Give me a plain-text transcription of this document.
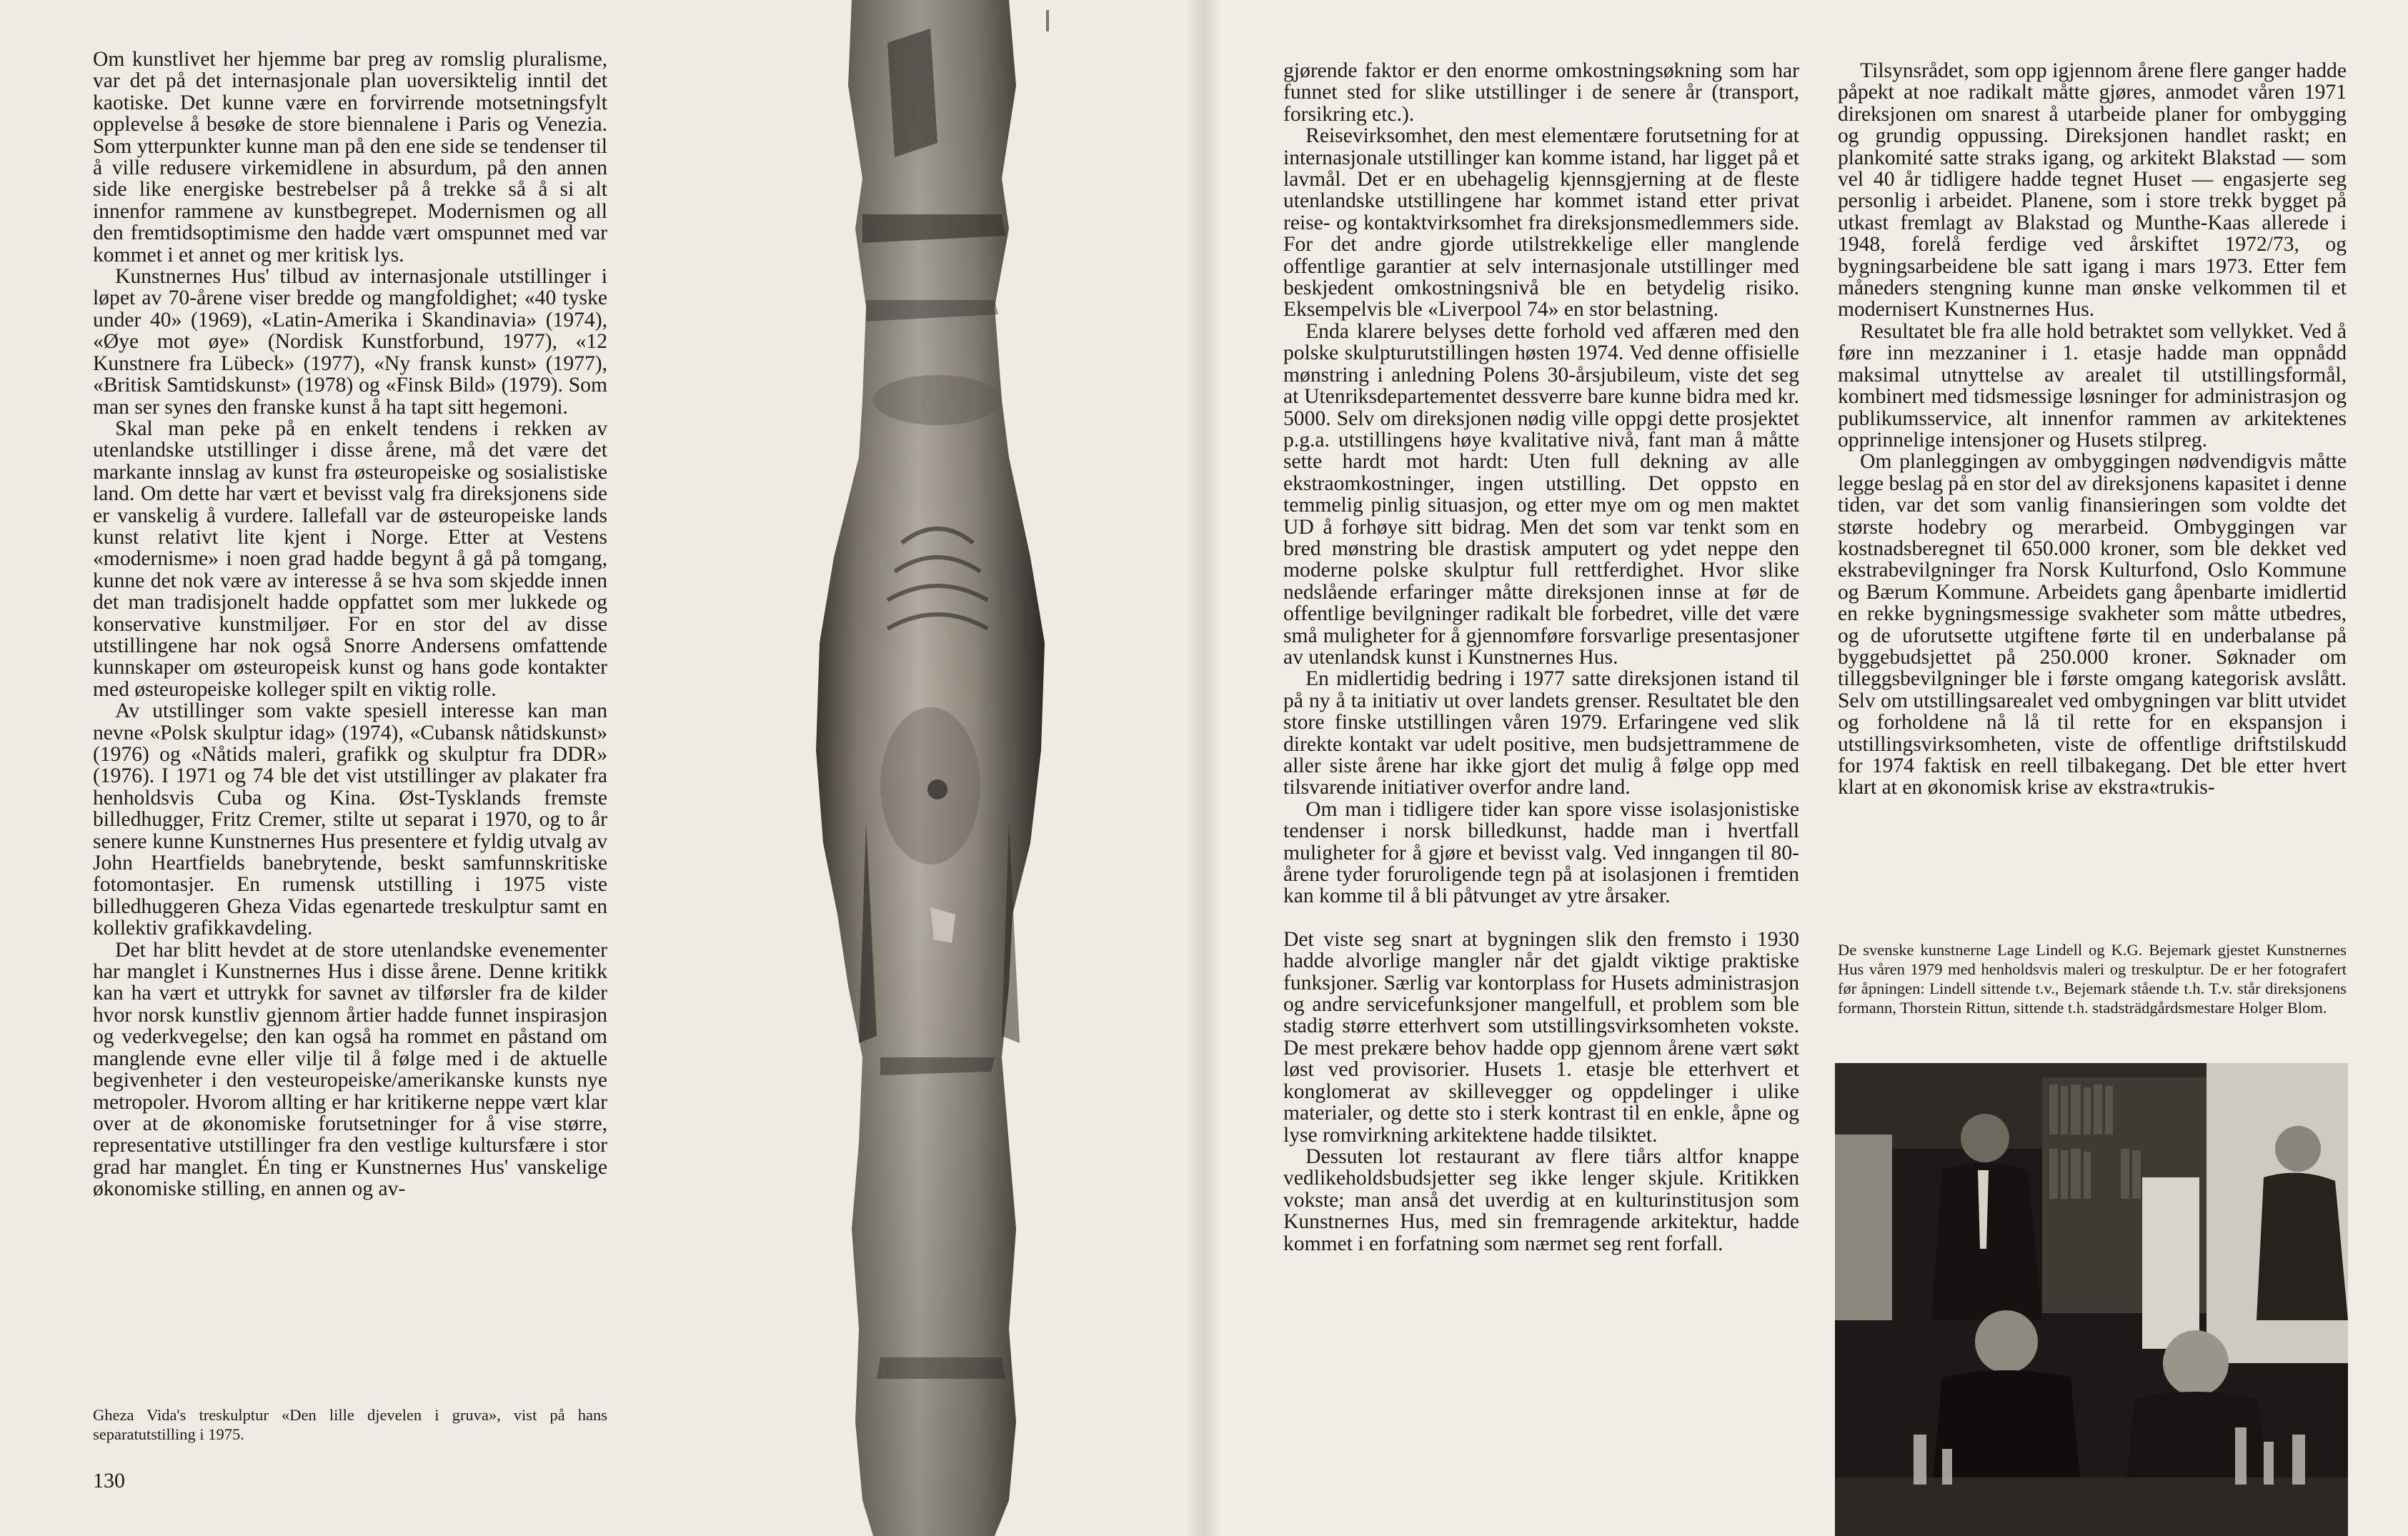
Om kunstlivet her hjemme bar preg av romslig pluralisme, var det på det internasjonale plan uoversiktelig inntil det kaotiske. Det kunne være en forvirrende motsetningsfylt opplevelse å besøke de store biennalene i Paris og Venezia. Som ytterpunkter kunne man på den ene side se tendenser til å ville redusere virkemidlene in absurdum, på den annen side like energiske bestrebelser på å trekke så å si alt innenfor rammene av kunstbegrepet. Modernismen og all den fremtidsoptimisme den hadde vært omspunnet med var kommet i et annet og mer kritisk lys.

Kunstnernes Hus' tilbud av internasjonale utstillinger i løpet av 70-årene viser bredde og mangfoldighet; «40 tyske under 40» (1969), «Latin-Amerika i Skandinavia» (1974), «Øye mot øye» (Nordisk Kunstforbund, 1977), «12 Kunstnere fra Lübeck» (1977), «Ny fransk kunst» (1977), «Britisk Samtidskunst» (1978) og «Finsk Bild» (1979). Som man ser synes den franske kunst å ha tapt sitt hegemoni.

Skal man peke på en enkelt tendens i rekken av utenlandske utstillinger i disse årene, må det være det markante innslag av kunst fra østeuropeiske og sosialistiske land. Om dette har vært et bevisst valg fra direksjonens side er vanskelig å vurdere. Iallefall var de østeuropeiske lands kunst relativt lite kjent i Norge. Etter at Vestens «modernisme» i noen grad hadde begynt å gå på tomgang, kunne det nok være av interesse å se hva som skjedde innen det man tradisjonelt hadde oppfattet som mer lukkede og konservative kunstmiljøer. For en stor del av disse utstillingene har nok også Snorre Andersens omfattende kunnskaper om østeuropeisk kunst og hans gode kontakter med østeuropeiske kolleger spilt en viktig rolle.

Av utstillinger som vakte spesiell interesse kan man nevne «Polsk skulptur idag» (1974), «Cubansk nåtidskunst» (1976) og «Nåtids maleri, grafikk og skulptur fra DDR» (1976). I 1971 og 74 ble det vist utstillinger av plakater fra henholdsvis Cuba og Kina. Øst-Tysklands fremste billedhugger, Fritz Cremer, stilte ut separat i 1970, og to år senere kunne Kunstnernes Hus presentere et fyldig utvalg av John Heartfields banebrytende, beskt samfunnskritiske fotomontasjer. En rumensk utstilling i 1975 viste billedhuggeren Gheza Vidas egenartede treskulptur samt en kollektiv grafikkavdeling.

Det har blitt hevdet at de store utenlandske evenementer har manglet i Kunstnernes Hus i disse årene. Denne kritikk kan ha vært et uttrykk for savnet av tilførsler fra de kilder hvor norsk kunstliv gjennom årtier hadde funnet inspirasjon og vederkvegelse; den kan også ha rommet en påstand om manglende evne eller vilje til å følge med i de aktuelle begivenheter i den vesteuropeiske/amerikanske kunsts nye metropoler. Hvorom allting er har kritikerne neppe vært klar over at de økonomiske forutsetninger for å vise større, representative utstillinger fra den vestlige kultursfære i stor grad har manglet. Én ting er Kunstnernes Hus' vanskelige økonomiske stilling, en annen og av-

Gheza Vida's treskulptur «Den lille djevelen i gruva», vist på hans separatutstilling i 1975.
130

gjørende faktor er den enorme omkostningsøkning som har funnet sted for slike utstillinger i de senere år (transport, forsikring etc.).

Reisevirksomhet, den mest elementære forutsetning for at internasjonale utstillinger kan komme istand, har ligget på et lavmål. Det er en ubehagelig kjennsgjerning at de fleste utenlandske utstillingene har kommet istand etter privat reise- og kontaktvirksomhet fra direksjonsmedlemmers side. For det andre gjorde utilstrekkelige eller manglende offentlige garantier at selv internasjonale utstillinger med beskjedent omkostningsnivå ble en betydelig risiko. Eksempelvis ble «Liverpool 74» en stor belastning.

Enda klarere belyses dette forhold ved affæren med den polske skulpturutstillingen høsten 1974. Ved denne offisielle mønstring i anledning Polens 30-årsjubileum, viste det seg at Utenriksdepartementet dessverre bare kunne bidra med kr. 5000. Selv om direksjonen nødig ville oppgi dette prosjektet p.g.a. utstillingens høye kvalitative nivå, fant man å måtte sette hardt mot hardt: Uten full dekning av alle ekstraomkostninger, ingen utstilling. Det oppsto en temmelig pinlig situasjon, og etter mye om og men maktet UD å forhøye sitt bidrag. Men det som var tenkt som en bred mønstring ble drastisk amputert og ydet neppe den moderne polske skulptur full rettferdighet. Hvor slike nedslående erfaringer måtte direksjonen innse at før de offentlige bevilgninger radikalt ble forbedret, ville det være små muligheter for å gjennomføre forsvarlige presentasjoner av utenlandsk kunst i Kunstnernes Hus.

En midlertidig bedring i 1977 satte direksjonen istand til på ny å ta initiativ ut over landets grenser. Resultatet ble den store finske utstillingen våren 1979. Erfaringene ved slik direkte kontakt var udelt positive, men budsjettrammene de aller siste årene har ikke gjort det mulig å følge opp med tilsvarende initiativer overfor andre land.

Om man i tidligere tider kan spore visse isolasjonistiske tendenser i norsk billedkunst, hadde man i hvertfall muligheter for å gjøre et bevisst valg. Ved inngangen til 80-årene tyder foruroligende tegn på at isolasjonen i fremtiden kan komme til å bli påtvunget av ytre årsaker.

Det viste seg snart at bygningen slik den fremsto i 1930 hadde alvorlige mangler når det gjaldt viktige praktiske funksjoner. Særlig var kontorplass for Husets administrasjon og andre servicefunksjoner mangelfull, et problem som ble stadig større etterhvert som utstillingsvirksomheten vokste. De mest prekære behov hadde opp gjennom årene vært søkt løst ved provisorier. Husets 1. etasje ble etterhvert et konglomerat av skillevegger og oppdelinger i ulike materialer, og dette sto i sterk kontrast til en enkle, åpne og lyse romvirkning arkitektene hadde tilsiktet.

Dessuten lot restaurant av flere tiårs altfor knappe vedlikeholdsbudsjetter seg ikke lenger skjule. Kritikken vokste; man anså det uverdig at en kulturinstitusjon som Kunstnernes Hus, med sin fremragende arkitektur, hadde kommet i en forfatning som nærmet seg rent forfall.

Tilsynsrådet, som opp igjennom årene flere ganger hadde påpekt at noe radikalt måtte gjøres, anmodet våren 1971 direksjonen om snarest å utarbeide planer for ombygging og grundig oppussing. Direksjonen handlet raskt; en plankomité satte straks igang, og arkitekt Blakstad — som vel 40 år tidligere hadde tegnet Huset — engasjerte seg personlig i arbeidet. Planene, som i store trekk bygget på utkast fremlagt av Blakstad og Munthe-Kaas allerede i 1948, forelå ferdige ved årskiftet 1972/73, og bygningsarbeidene ble satt igang i mars 1973. Etter fem måneders stengning kunne man ønske velkommen til et modernisert Kunstnernes Hus.

Resultatet ble fra alle hold betraktet som vellykket. Ved å føre inn mezzaniner i 1. etasje hadde man oppnådd maksimal utnyttelse av arealet til utstillingsformål, kombinert med tidsmessige løsninger for administrasjon og publikumsservice, alt innenfor rammen av arkitektenes opprinnelige intensjoner og Husets stilpreg.

Om planleggingen av ombyggingen nødvendigvis måtte legge beslag på en stor del av direksjonens kapasitet i denne tiden, var det som vanlig finansieringen som voldte det største hodebry og merarbeid. Ombyggingen var kostnadsberegnet til 650.000 kroner, som ble dekket ved ekstrabevilgninger fra Norsk Kulturfond, Oslo Kommune og Bærum Kommune. Arbeidets gang åpenbarte imidlertid en rekke bygningsmessige svakheter som måtte utbedres, og de uforutsette utgiftene førte til en underbalanse på byggebudsjettet på 250.000 kroner. Søknader om tilleggsbevilgninger ble i første omgang kategorisk avslått. Selv om utstillingsarealet ved ombygningen var blitt utvidet og forholdene nå lå til rette for en ekspansjon i utstillingsvirksomheten, viste de offentlige driftstilskudd for 1974 faktisk en reell tilbakegang. Det ble etter hvert klart at en økonomisk krise av ekstra«trukis-

De svenske kunstnerne Lage Lindell og K.G. Bejemark gjestet Kunstnernes Hus våren 1979 med henholdsvis maleri og treskulptur. De er her fotografert før åpningen: Lindell sittende t.v., Bejemark stående t.h. T.v. står direksjonens formann, Thorstein Rittun, sittende t.h. stadsträdgårdsmestare Holger Blom.
